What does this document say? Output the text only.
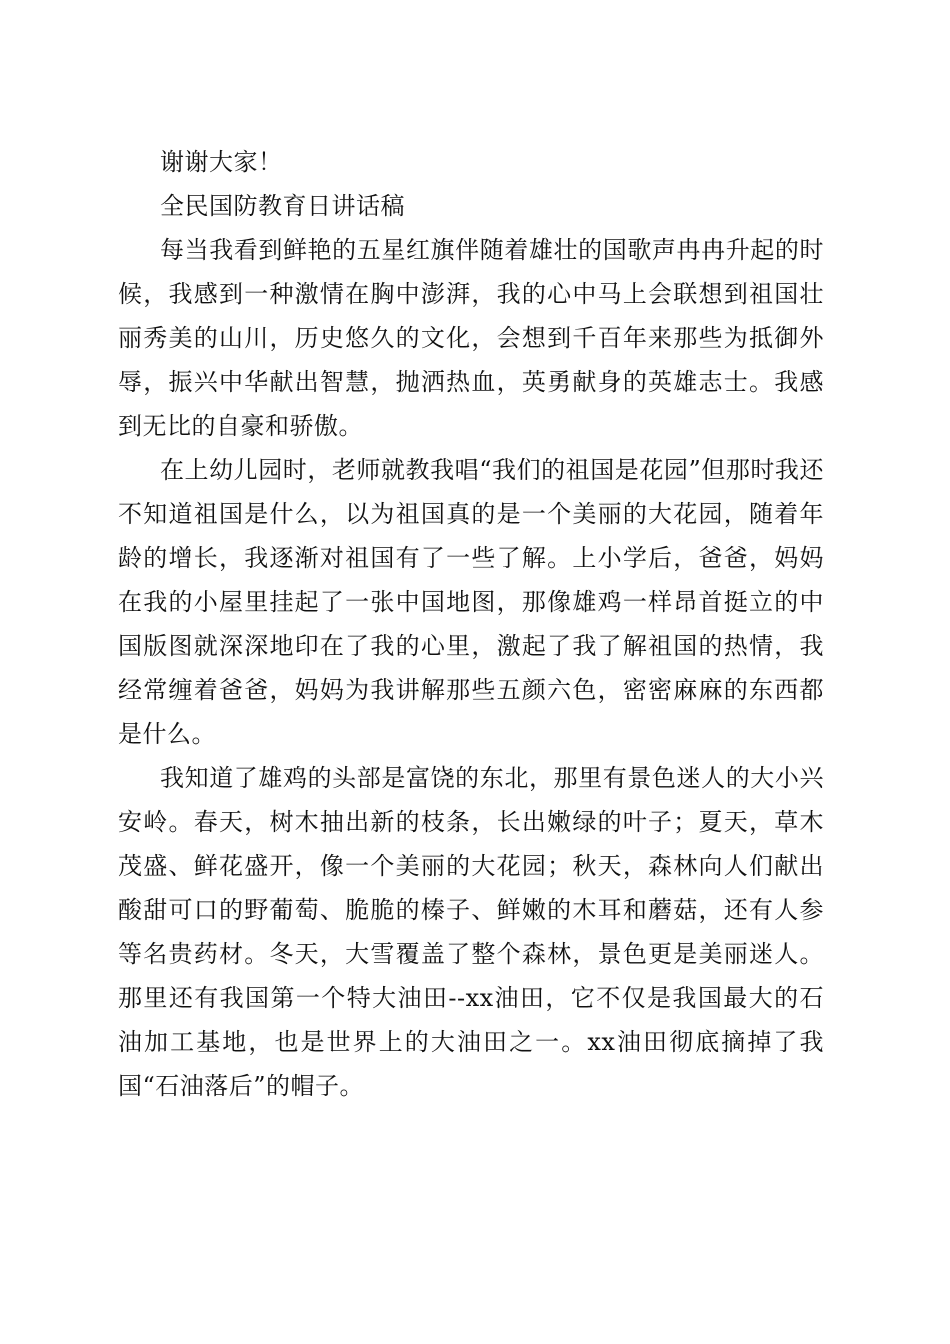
谢谢大家！

全民国防教育日讲话稿

每当我看到鲜艳的五星红旗伴随着雄壮的国歌声冉冉升起的时候，我感到一种激情在胸中澎湃，我的心中马上会联想到祖国壮丽秀美的山川，历史悠久的文化，会想到千百年来那些为抵御外辱，振兴中华献出智慧，抛洒热血，英勇献身的英雄志士。我感到无比的自豪和骄傲。

在上幼儿园时，老师就教我唱“我们的祖国是花园”但那时我还不知道祖国是什么，以为祖国真的是一个美丽的大花园，随着年龄的增长，我逐渐对祖国有了一些了解。上小学后，爸爸，妈妈在我的小屋里挂起了一张中国地图，那像雄鸡一样昂首挺立的中国版图就深深地印在了我的心里，激起了我了解祖国的热情，我经常缠着爸爸，妈妈为我讲解那些五颜六色，密密麻麻的东西都是什么。

我知道了雄鸡的头部是富饶的东北，那里有景色迷人的大小兴安岭。春天，树木抽出新的枝条，长出嫩绿的叶子；夏天，草木茂盛、鲜花盛开，像一个美丽的大花园；秋天，森林向人们献出酸甜可口的野葡萄、脆脆的榛子、鲜嫩的木耳和蘑菇，还有人参等名贵药材。冬天，大雪覆盖了整个森林，景色更是美丽迷人。那里还有我国第一个特大油田--xx油田，它不仅是我国最大的石油加工基地，也是世界上的大油田之一。xx油田彻底摘掉了我国“石油落后”的帽子。
